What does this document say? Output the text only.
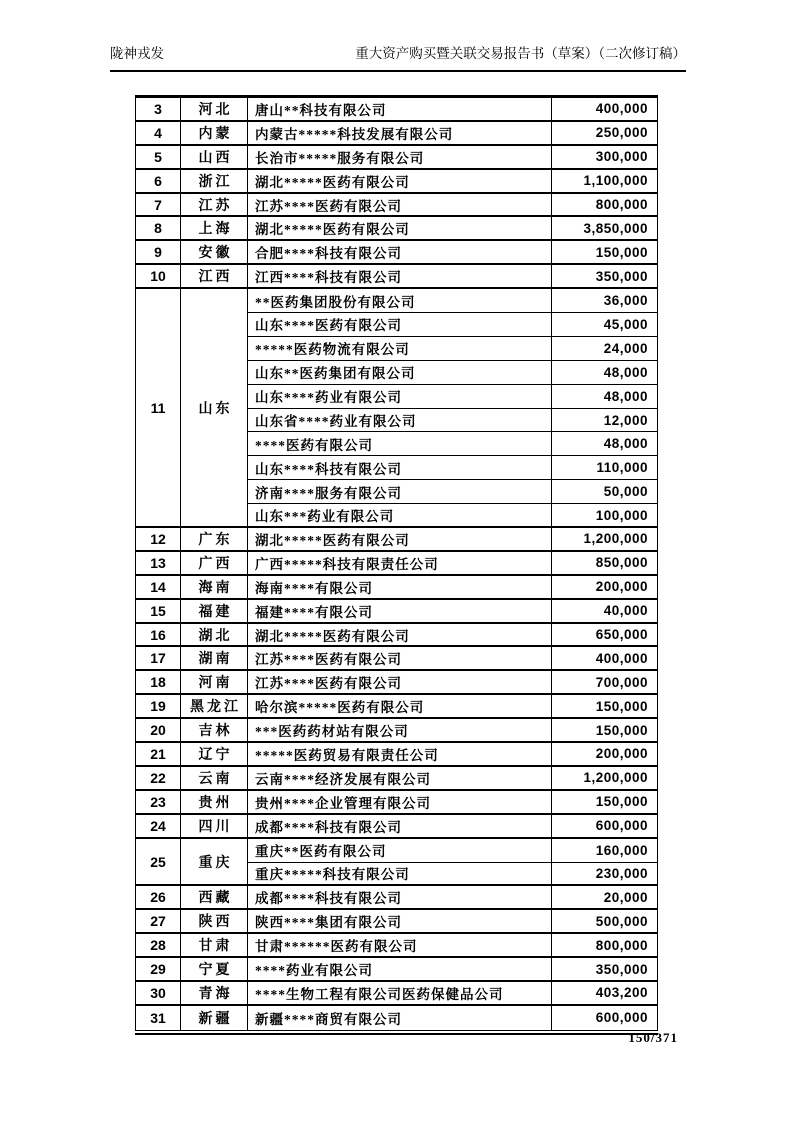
陇神戎发	重大资产购买暨关联交易报告书（草案）（二次修订稿）
3	河北	唐山**科技有限公司	400,000
4	内蒙	内蒙古*****科技发展有限公司	250,000
5	山西	长治市*****服务有限公司	300,000
6	浙江	湖北*****医药有限公司	1,100,000
7	江苏	江苏****医药有限公司	800,000
8	上海	湖北*****医药有限公司	3,850,000
9	安徽	合肥****科技有限公司	150,000
10	江西	江西****科技有限公司	350,000
11	山东
**医药集团股份有限公司	36,000
山东****医药有限公司	45,000
*****医药物流有限公司	24,000
山东**医药集团有限公司	48,000
山东****药业有限公司	48,000
山东省****药业有限公司	12,000
****医药有限公司	48,000
山东****科技有限公司	110,000
济南****服务有限公司	50,000
山东***药业有限公司	100,000
12	广东	湖北*****医药有限公司	1,200,000
13	广西	广西*****科技有限责任公司	850,000
14	海南	海南****有限公司	200,000
15	福建	福建****有限公司	40,000
16	湖北	湖北*****医药有限公司	650,000
17	湖南	江苏****医药有限公司	400,000
18	河南	江苏****医药有限公司	700,000
19	黑龙江	哈尔滨*****医药有限公司	150,000
20	吉林	***医药药材站有限公司	150,000
21	辽宁	*****医药贸易有限责任公司	200,000
22	云南	云南****经济发展有限公司	1,200,000
23	贵州	贵州****企业管理有限公司	150,000
24	四川	成都****科技有限公司	600,000
25	重庆
重庆**医药有限公司	160,000
重庆*****科技有限公司	230,000
26	西藏	成都****科技有限公司	20,000
27	陕西	陕西****集团有限公司	500,000
28	甘肃	甘肃******医药有限公司	800,000
29	宁夏	****药业有限公司	350,000
30	青海	****生物工程有限公司医药保健品公司	403,200
31	新疆	新疆****商贸有限公司	600,000
150/371
